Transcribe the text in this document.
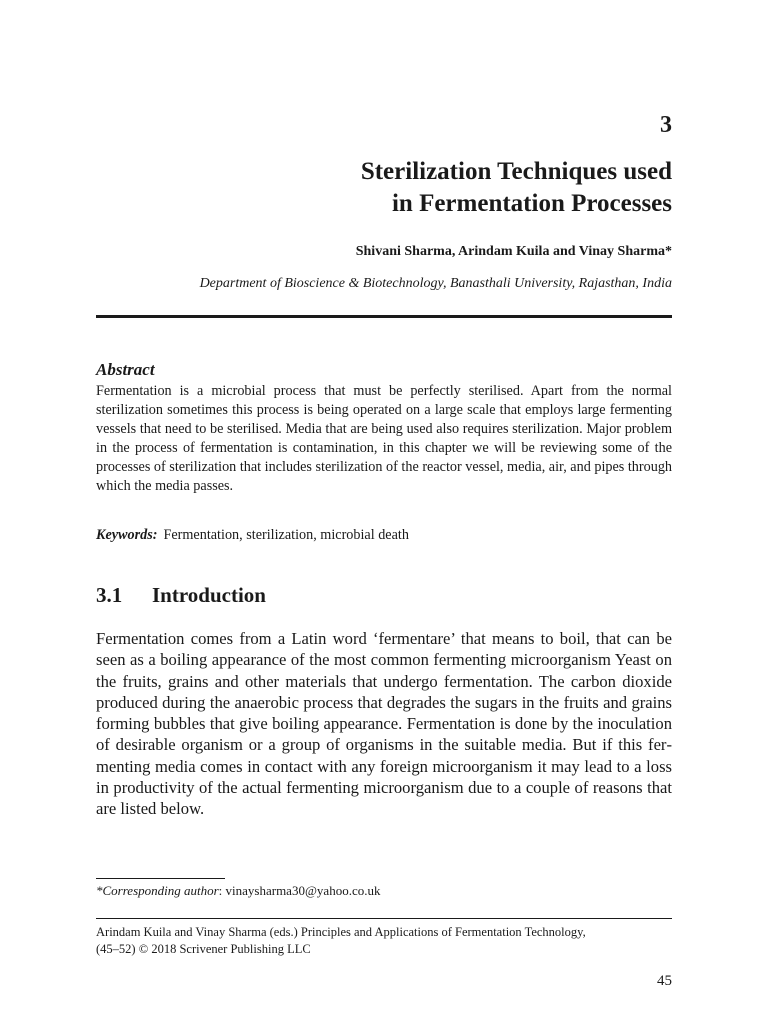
3
Sterilization Techniques used
in Fermentation Processes
Shivani Sharma, Arindam Kuila and Vinay Sharma*
Department of Bioscience & Biotechnology, Banasthali University, Rajasthan, India
Abstract

Fermentation is a microbial process that must be perfectly sterilised. Apart from the normal sterilization sometimes this process is being operated on a large scale that employs large fermenting vessels that need to be sterilised. Media that are being used also requires sterilization. Major problem in the process of fermentation is contamination, in this chapter we will be reviewing some of the processes of sterilization that includes sterilization of the reactor vessel, media, air, and pipes through which the media passes.

Keywords: Fermentation, sterilization, microbial death
3.1 Introduction

Fermentation comes from a Latin word ‘fermentare’ that means to boil, that can be seen as a boiling appearance of the most common fermenting microorganism Yeast on the fruits, grains and other materials that undergo fermentation. The carbon dioxide produced during the anaerobic process that degrades the sugars in the fruits and grains forming bubbles that give boiling appearance. Fermentation is done by the inoculation of desirable organism or a group of organisms in the suitable media. But if this fermenting media comes in contact with any foreign microorganism it may lead to a loss in productivity of the actual fermenting microorganism due to a couple of reasons that are listed below.

*Corresponding author: vinaysharma30@yahoo.co.uk
Arindam Kuila and Vinay Sharma (eds.) Principles and Applications of Fermentation Technology,
(45–52) © 2018 Scrivener Publishing LLC
45
